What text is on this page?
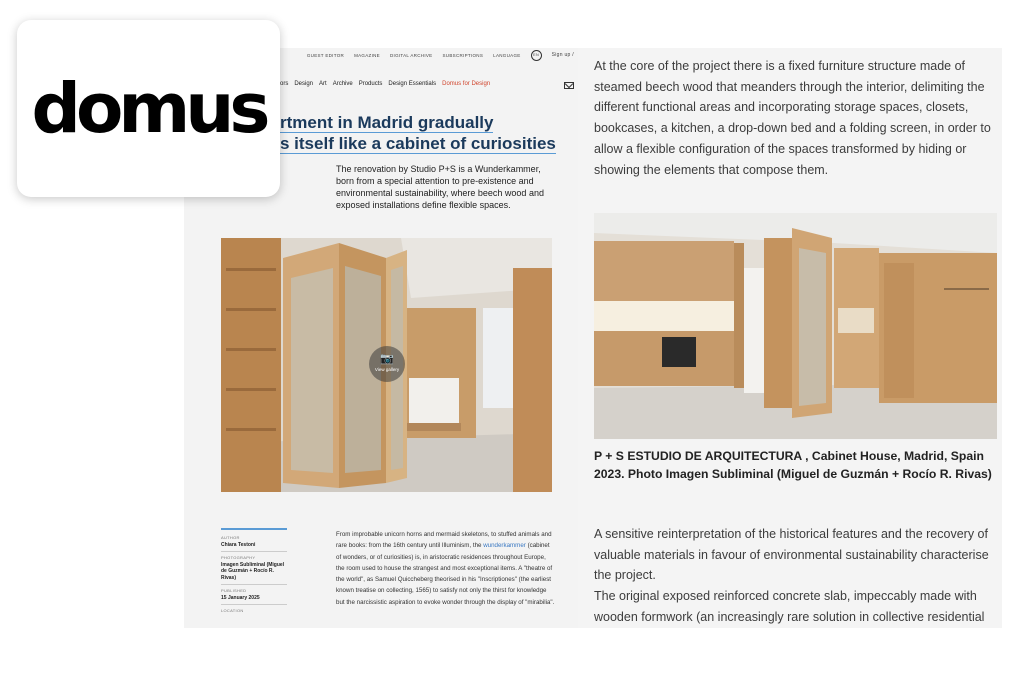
GUEST EDITOR MAGAZINE DIGITAL ARCHIVE SUBSCRIPTIONS LANGUAGE	EN	Sign up /
ors Design Art Archive Products Design Essentials Domus for Design
rtment in Madrid gradually
s itself like a cabinet of curiosities
The renovation by Studio P+S is a Wunderkammer, born from a special attention to pre-existence and environmental sustainability, where beech wood and exposed installations define flexible spaces.
📷
View gallery
AUTHOR
Chiara Testoni
PHOTOGRAPHY
Imagen Subliminal (Miguel de Guzmán + Rocío R. Rivas)
PUBLISHED
15 January 2025
LOCATION
From improbable unicorn horns and mermaid skeletons, to stuffed animals and rare books: from the 16th century until Illuminism, the wunderkammer (cabinet of wonders, or of curiosities) is, in aristocratic residences throughout Europe, the room used to house the strangest and most exceptional items. A "theatre of the world", as Samuel Quiccheberg theorised in his "Inscriptiones" (the earliest known treatise on collecting, 1565) to satisfy not only the thirst for knowledge but the narcissistic aspiration to evoke wonder through the display of "mirabilia".
domus
At the core of the project there is a fixed furniture structure made of steamed beech wood that meanders through the interior, delimiting the different functional areas and incorporating storage spaces, closets, bookcases, a kitchen, a drop-down bed and a folding screen, in order to allow a flexible configuration of the spaces transformed by hiding or showing the elements that compose them.
P + S ESTUDIO DE ARQUITECTURA , Cabinet House, Madrid, Spain 2023. Photo Imagen Subliminal (Miguel de Guzmán + Rocío R. Rivas)
A sensitive reinterpretation of the historical features and the recovery of valuable materials in favour of environmental sustainability characterise the project.
The original exposed reinforced concrete slab, impeccably made with wooden formwork (an increasingly rare solution in collective residential
